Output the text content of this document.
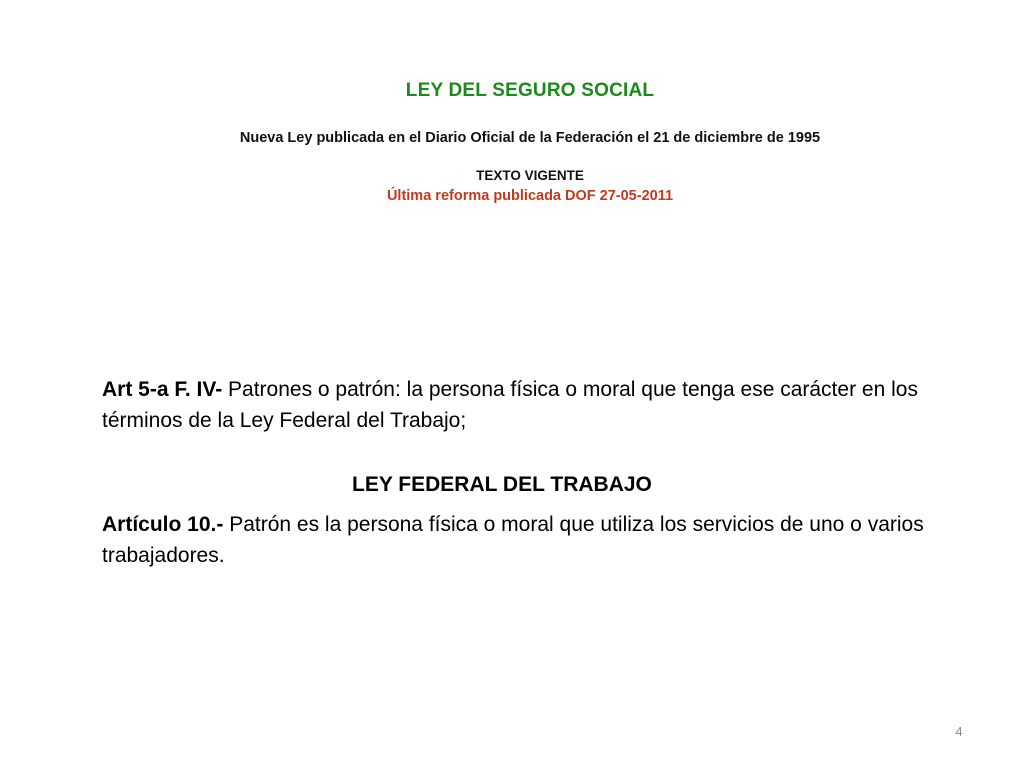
LEY DEL SEGURO SOCIAL
Nueva Ley publicada en el Diario Oficial de la Federación el 21 de diciembre de 1995
TEXTO VIGENTE
Última reforma publicada DOF 27-05-2011

Art 5-a F. IV- Patrones o patrón: la persona física o moral que tenga ese carácter en los términos de la Ley Federal del Trabajo;

LEY FEDERAL DEL TRABAJO

Artículo 10.- Patrón es la persona física o moral que utiliza los servicios de uno o varios trabajadores.

4
